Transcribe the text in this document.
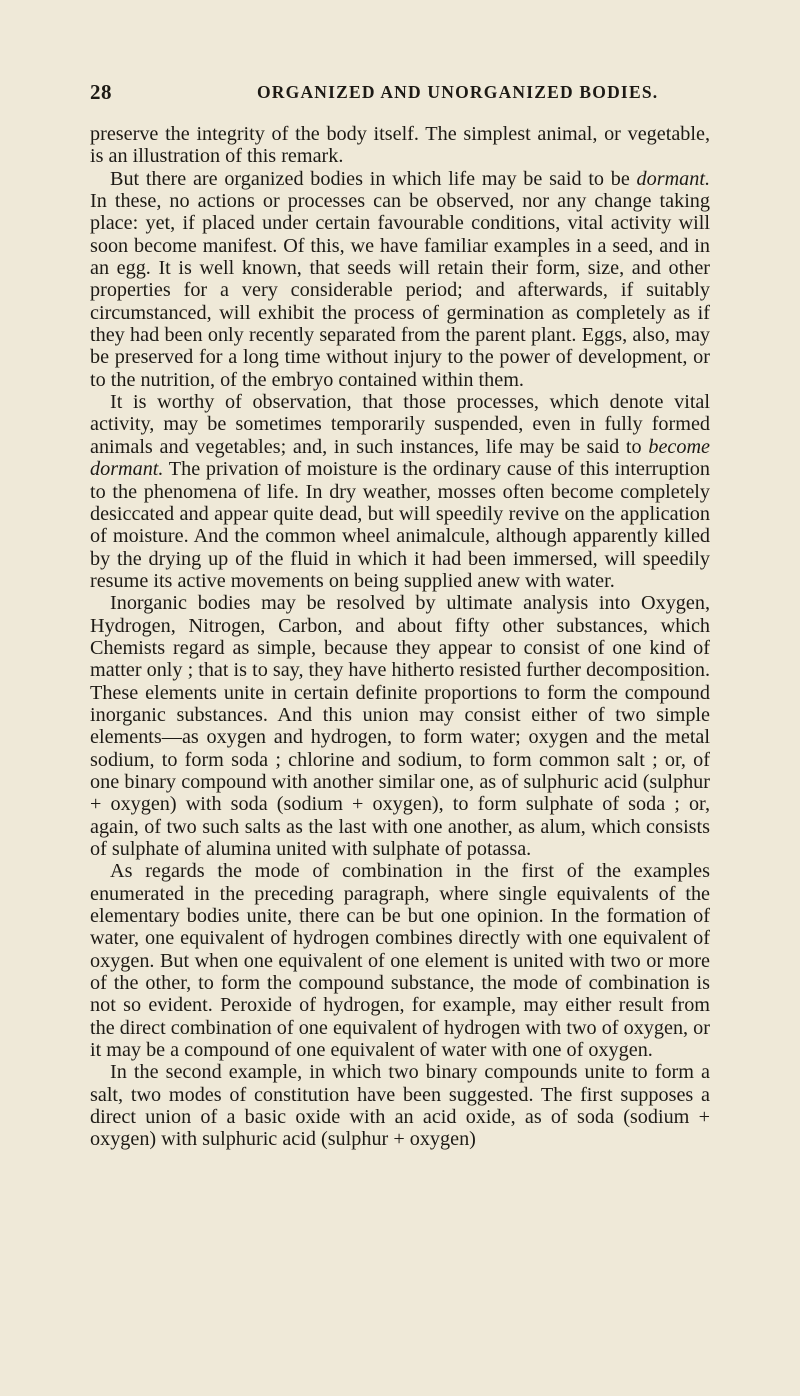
28	ORGANIZED AND UNORGANIZED BODIES.

preserve the integrity of the body itself. The simplest animal, or vegetable, is an illustration of this remark.

But there are organized bodies in which life may be said to be dormant. In these, no actions or processes can be observed, nor any change taking place: yet, if placed under certain favourable conditions, vital activity will soon become manifest. Of this, we have familiar examples in a seed, and in an egg. It is well known, that seeds will retain their form, size, and other properties for a very considerable period; and afterwards, if suitably circumstanced, will exhibit the process of germination as completely as if they had been only recently separated from the parent plant. Eggs, also, may be preserved for a long time without injury to the power of development, or to the nutrition, of the embryo contained within them.

It is worthy of observation, that those processes, which denote vital activity, may be sometimes temporarily suspended, even in fully formed animals and vegetables; and, in such instances, life may be said to become dormant. The privation of moisture is the ordinary cause of this interruption to the phenomena of life. In dry weather, mosses often become completely desiccated and appear quite dead, but will speedily revive on the application of moisture. And the common wheel animalcule, although apparently killed by the drying up of the fluid in which it had been immersed, will speedily resume its active movements on being supplied anew with water.

Inorganic bodies may be resolved by ultimate analysis into Oxygen, Hydrogen, Nitrogen, Carbon, and about fifty other substances, which Chemists regard as simple, because they appear to consist of one kind of matter only ; that is to say, they have hitherto resisted further decomposition. These elements unite in certain definite proportions to form the compound inorganic substances. And this union may consist either of two simple elements—as oxygen and hydrogen, to form water; oxygen and the metal sodium, to form soda ; chlorine and sodium, to form common salt ; or, of one binary compound with another similar one, as of sulphuric acid (sulphur + oxygen) with soda (sodium + oxygen), to form sulphate of soda ; or, again, of two such salts as the last with one another, as alum, which consists of sulphate of alumina united with sulphate of potassa.

As regards the mode of combination in the first of the examples enumerated in the preceding paragraph, where single equivalents of the elementary bodies unite, there can be but one opinion. In the formation of water, one equivalent of hydrogen combines directly with one equivalent of oxygen. But when one equivalent of one element is united with two or more of the other, to form the compound substance, the mode of combination is not so evident. Peroxide of hydrogen, for example, may either result from the direct combination of one equivalent of hydrogen with two of oxygen, or it may be a compound of one equivalent of water with one of oxygen.

In the second example, in which two binary compounds unite to form a salt, two modes of constitution have been suggested. The first supposes a direct union of a basic oxide with an acid oxide, as of soda (sodium + oxygen) with sulphuric acid (sulphur + oxygen)
